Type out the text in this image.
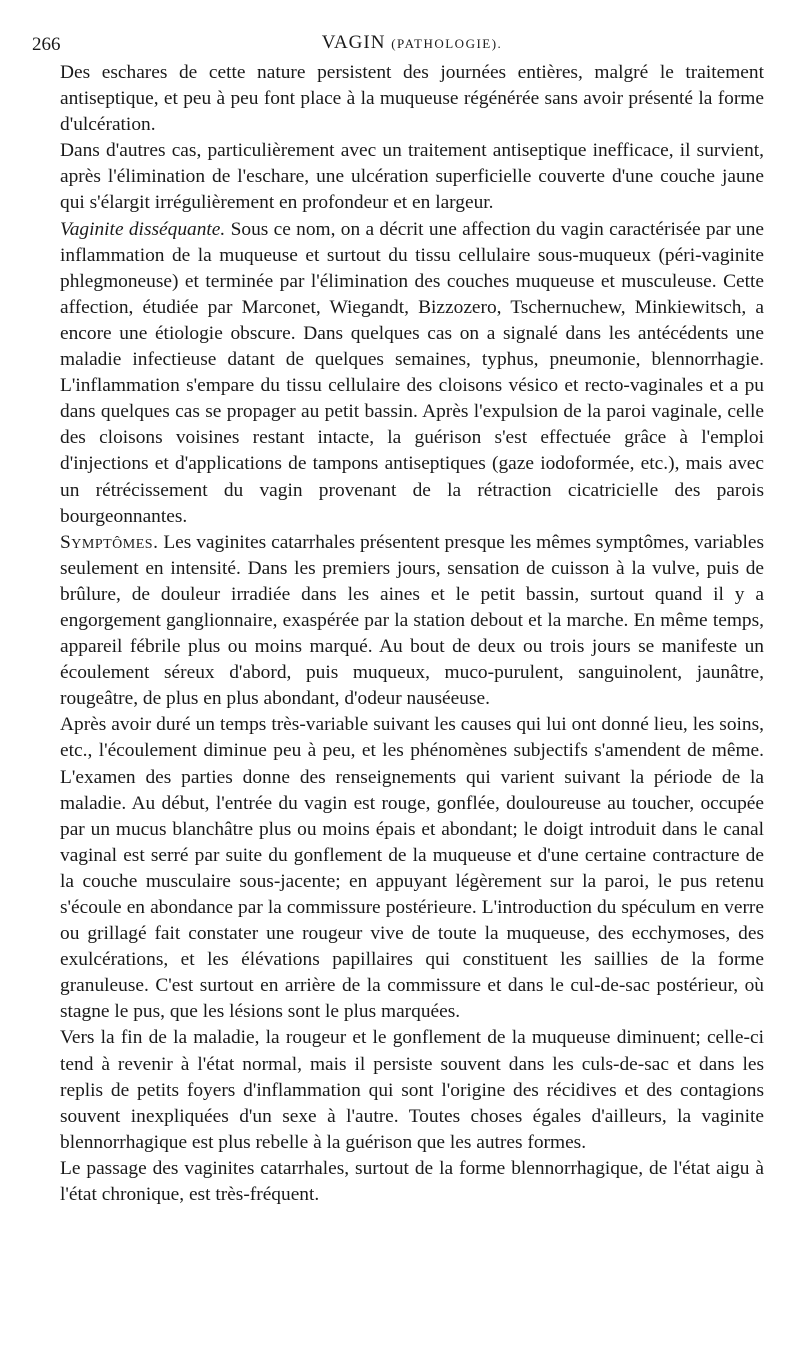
266	VAGIN (PATHOLOGIE).

Des eschares de cette nature persistent des journées entières, malgré le traitement antiseptique, et peu à peu font place à la muqueuse régénérée sans avoir présenté la forme d'ulcération.

Dans d'autres cas, particulièrement avec un traitement antiseptique inefficace, il survient, après l'élimination de l'eschare, une ulcération superficielle couverte d'une couche jaune qui s'élargit irrégulièrement en profondeur et en largeur.

Vaginite disséquante. Sous ce nom, on a décrit une affection du vagin caractérisée par une inflammation de la muqueuse et surtout du tissu cellulaire sous-muqueux (péri-vaginite phlegmoneuse) et terminée par l'élimination des couches muqueuse et musculeuse. Cette affection, étudiée par Marconet, Wiegandt, Bizzozero, Tschernuchew, Minkiewitsch, a encore une étiologie obscure. Dans quelques cas on a signalé dans les antécédents une maladie infectieuse datant de quelques semaines, typhus, pneumonie, blennorrhagie. L'inflammation s'empare du tissu cellulaire des cloisons vésico et recto-vaginales et a pu dans quelques cas se propager au petit bassin. Après l'expulsion de la paroi vaginale, celle des cloisons voisines restant intacte, la guérison s'est effectuée grâce à l'emploi d'injections et d'applications de tampons antiseptiques (gaze iodoformée, etc.), mais avec un rétrécissement du vagin provenant de la rétraction cicatricielle des parois bourgeonnantes.

Symptômes. Les vaginites catarrhales présentent presque les mêmes symptômes, variables seulement en intensité. Dans les premiers jours, sensation de cuisson à la vulve, puis de brûlure, de douleur irradiée dans les aines et le petit bassin, surtout quand il y a engorgement ganglionnaire, exaspérée par la station debout et la marche. En même temps, appareil fébrile plus ou moins marqué. Au bout de deux ou trois jours se manifeste un écoulement séreux d'abord, puis muqueux, muco-purulent, sanguinolent, jaunâtre, rougeâtre, de plus en plus abondant, d'odeur nauséeuse.

Après avoir duré un temps très-variable suivant les causes qui lui ont donné lieu, les soins, etc., l'écoulement diminue peu à peu, et les phénomènes subjectifs s'amendent de même. L'examen des parties donne des renseignements qui varient suivant la période de la maladie. Au début, l'entrée du vagin est rouge, gonflée, douloureuse au toucher, occupée par un mucus blanchâtre plus ou moins épais et abondant; le doigt introduit dans le canal vaginal est serré par suite du gonflement de la muqueuse et d'une certaine contracture de la couche musculaire sous-jacente; en appuyant légèrement sur la paroi, le pus retenu s'écoule en abondance par la commissure postérieure. L'introduction du spéculum en verre ou grillagé fait constater une rougeur vive de toute la muqueuse, des ecchymoses, des exulcérations, et les élévations papillaires qui constituent les saillies de la forme granuleuse. C'est surtout en arrière de la commissure et dans le cul-de-sac postérieur, où stagne le pus, que les lésions sont le plus marquées.

Vers la fin de la maladie, la rougeur et le gonflement de la muqueuse diminuent; celle-ci tend à revenir à l'état normal, mais il persiste souvent dans les culs-de-sac et dans les replis de petits foyers d'inflammation qui sont l'origine des récidives et des contagions souvent inexpliquées d'un sexe à l'autre. Toutes choses égales d'ailleurs, la vaginite blennorrhagique est plus rebelle à la guérison que les autres formes.

Le passage des vaginites catarrhales, surtout de la forme blennorrhagique, de l'état aigu à l'état chronique, est très-fréquent.
